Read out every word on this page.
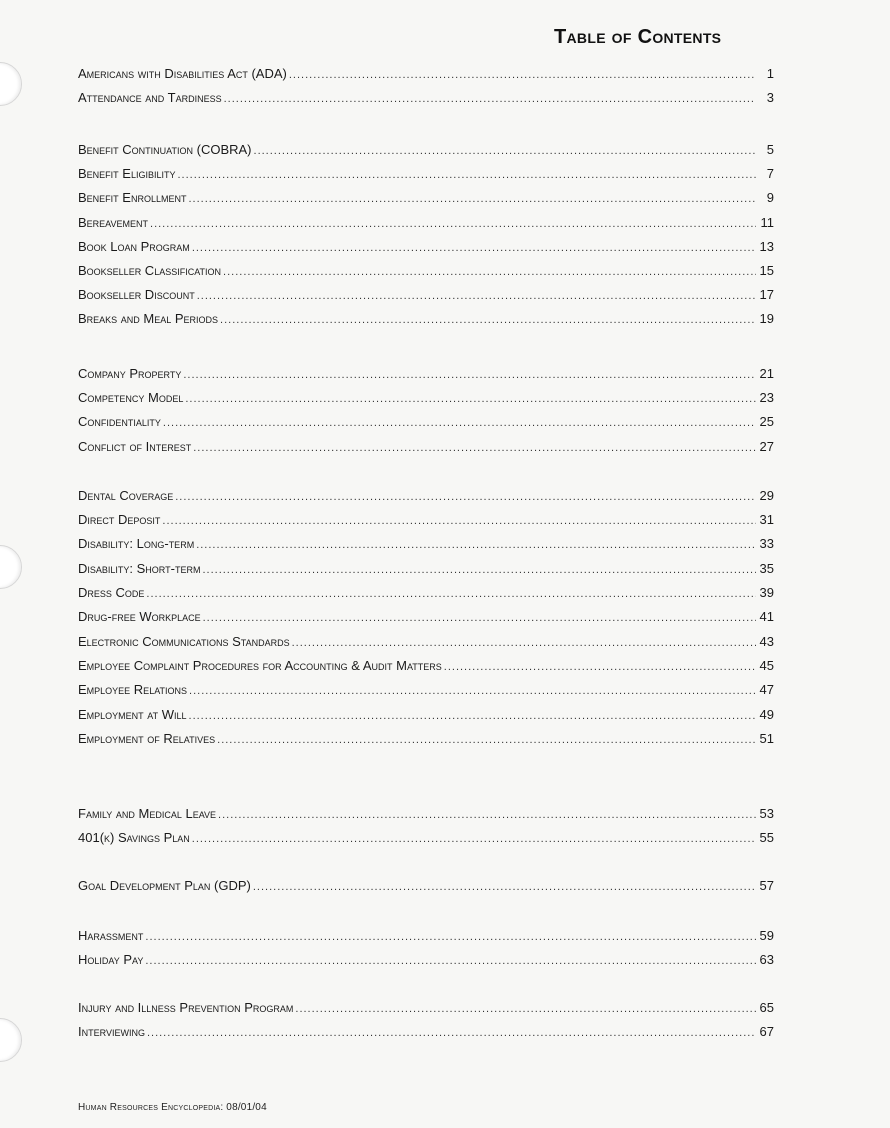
Table of Contents
Americans with Disabilities Act (ADA) .....	1
Attendance and Tardiness .....	3
Benefit Continuation (COBRA) .....	5
Benefit Eligibility .....	7
Benefit Enrollment .....	9
Bereavement .....	11
Book Loan Program .....	13
Bookseller Classification .....	15
Bookseller Discount .....	17
Breaks and Meal Periods .....	19
Company Property .....	21
Competency Model .....	23
Confidentiality .....	25
Conflict of Interest .....	27
Dental Coverage .....	29
Direct Deposit .....	31
Disability: Long-term .....	33
Disability: Short-term .....	35
Dress Code .....	39
Drug-free Workplace .....	41
Electronic Communications Standards .....	43
Employee Complaint Procedures for Accounting & Audit Matters .....	45
Employee Relations .....	47
Employment at Will .....	49
Employment of Relatives .....	51
Family and Medical Leave .....	53
401(k) Savings Plan .....	55
Goal Development Plan (GDP) .....	57
Harassment .....	59
Holiday Pay .....	63
Injury and Illness Prevention Program .....	65
Interviewing .....	67
Human Resources Encyclopedia: 08/01/04
